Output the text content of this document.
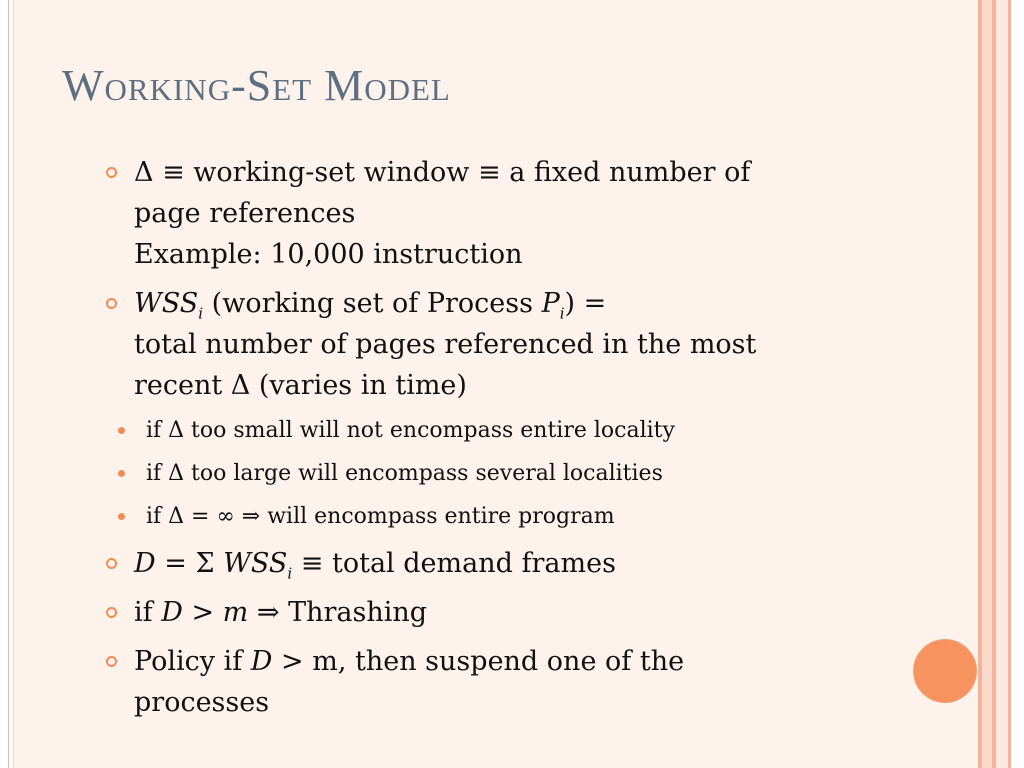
Working-Set Model
Δ ≡ working-set window ≡ a fixed number of
page references
Example: 10,000 instruction
$WSS_i$ (working set of Process $P_i$) =
total number of pages referenced in the most
recent Δ (varies in time)
if Δ too small will not encompass entire locality
if Δ too large will encompass several localities
if Δ = ∞ ⇒ will encompass entire program
D = Σ $WSS_i$ ≡ total demand frames
if D > m ⇒ Thrashing
Policy if D > m, then suspend one of the
processes
